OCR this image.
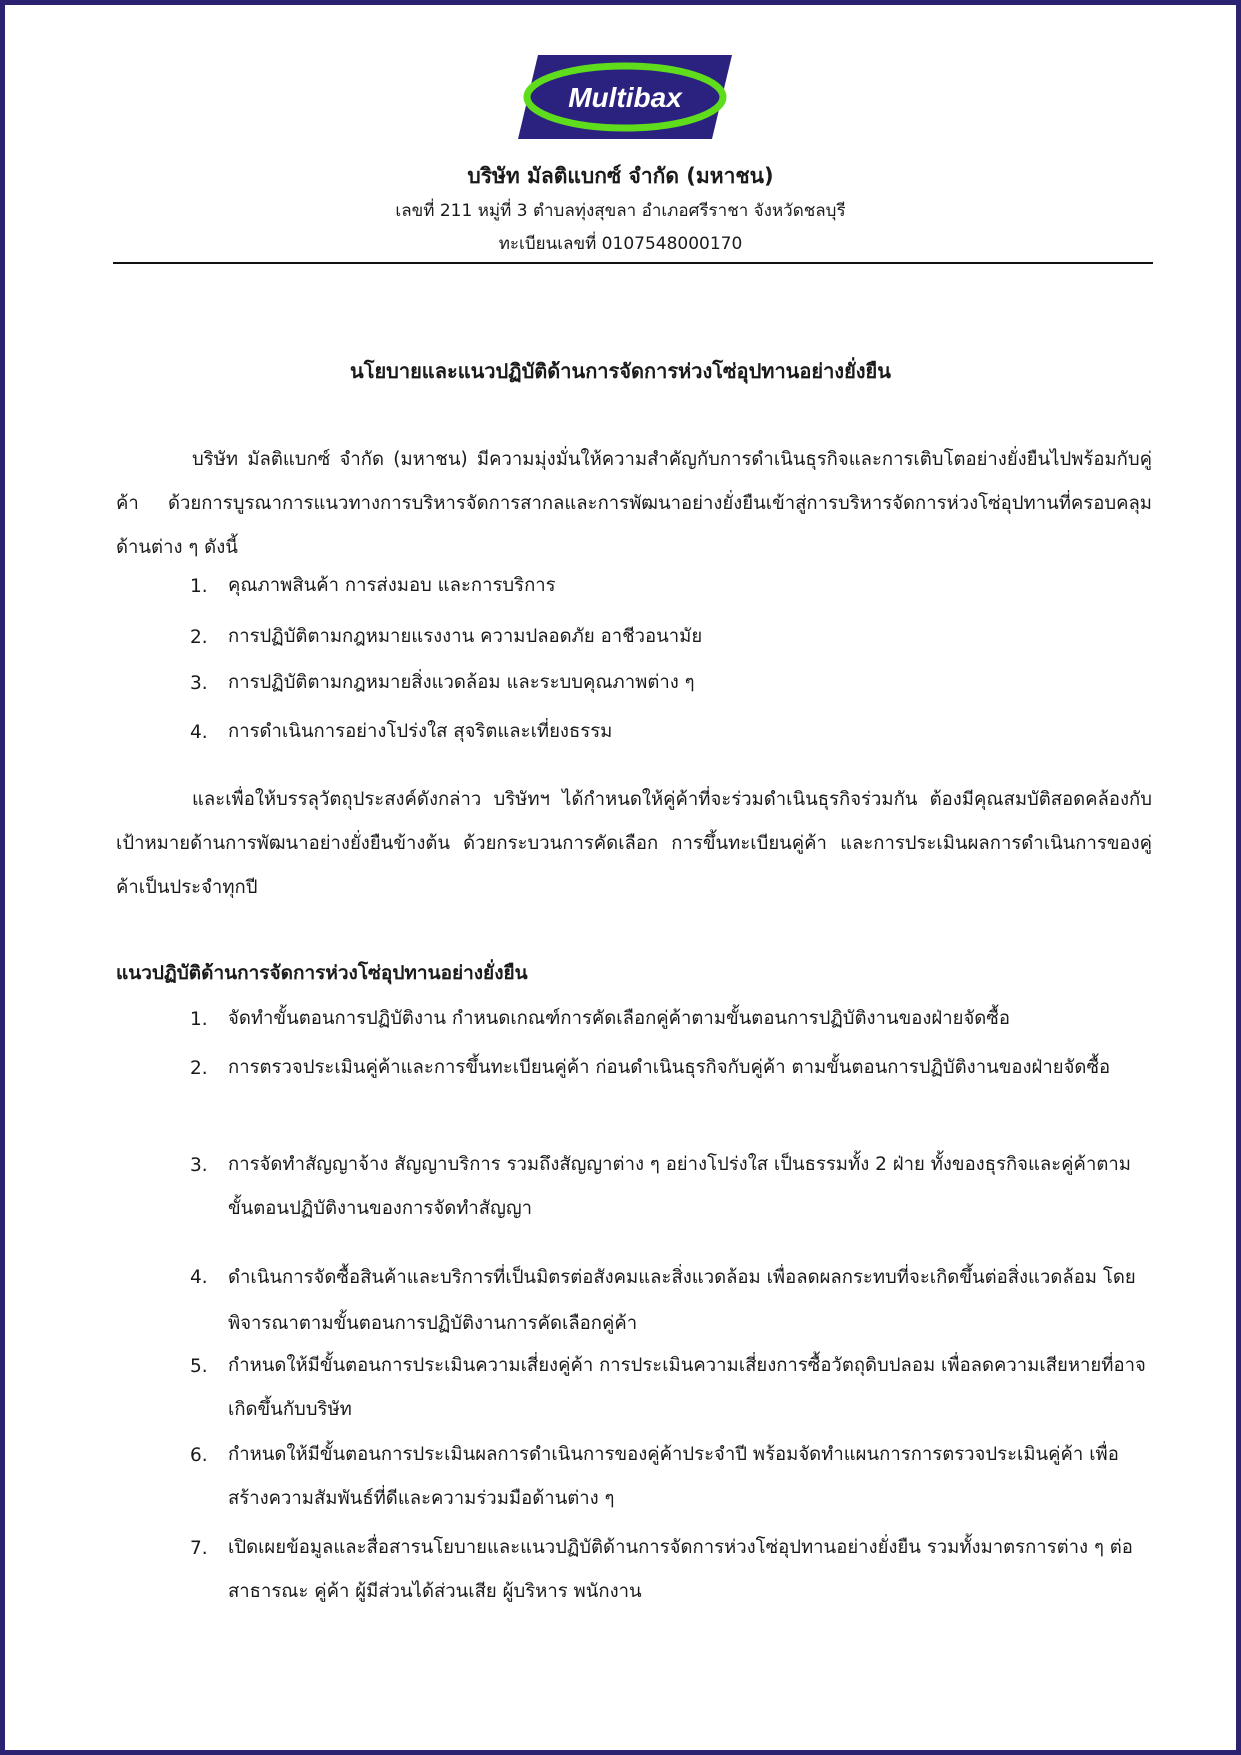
Multibax
บริษัท มัลติแบกซ์ จำกัด (มหาชน)
เลขที่ 211 หมู่ที่ 3 ตำบลทุ่งสุขลา อำเภอศรีราชา จังหวัดชลบุรี
ทะเบียนเลขที่ 0107548000170
นโยบายและแนวปฏิบัติด้านการจัดการห่วงโซ่อุปทานอย่างยั่งยืน

บริษัท มัลติแบกซ์ จำกัด (มหาชน) มีความมุ่งมั่นให้ความสำคัญกับการดำเนินธุรกิจและการเติบโตอย่างยั่งยืนไปพร้อมกับคู่ค้า ด้วยการบูรณาการแนวทางการบริหารจัดการสากลและการพัฒนาอย่างยั่งยืนเข้าสู่การบริหารจัดการห่วงโซ่อุปทานที่ครอบคลุมด้านต่าง ๆ ดังนี้

1.	คุณภาพสินค้า การส่งมอบ และการบริการ
2.	การปฏิบัติตามกฎหมายแรงงาน ความปลอดภัย อาชีวอนามัย
3.	การปฏิบัติตามกฎหมายสิ่งแวดล้อม และระบบคุณภาพต่าง ๆ
4.	การดำเนินการอย่างโปร่งใส สุจริตและเที่ยงธรรม

และเพื่อให้บรรลุวัตถุประสงค์ดังกล่าว บริษัทฯ ได้กำหนดให้คู่ค้าที่จะร่วมดำเนินธุรกิจร่วมกัน ต้องมีคุณสมบัติสอดคล้องกับเป้าหมายด้านการพัฒนาอย่างยั่งยืนข้างต้น ด้วยกระบวนการคัดเลือก การขึ้นทะเบียนคู่ค้า และการประเมินผลการดำเนินการของคู่ค้าเป็นประจำทุกปี

แนวปฏิบัติด้านการจัดการห่วงโซ่อุปทานอย่างยั่งยืน
1.	จัดทำขั้นตอนการปฏิบัติงาน กำหนดเกณฑ์การคัดเลือกคู่ค้าตามขั้นตอนการปฏิบัติงานของฝ่ายจัดซื้อ
2.	การตรวจประเมินคู่ค้าและการขึ้นทะเบียนคู่ค้า ก่อนดำเนินธุรกิจกับคู่ค้า ตามขั้นตอนการปฏิบัติงานของฝ่ายจัดซื้อ
3.	การจัดทำสัญญาจ้าง สัญญาบริการ รวมถึงสัญญาต่าง ๆ อย่างโปร่งใส เป็นธรรมทั้ง 2 ฝ่าย ทั้งของธุรกิจและคู่ค้าตามขั้นตอนปฏิบัติงานของการจัดทำสัญญา
4.	ดำเนินการจัดซื้อสินค้าและบริการที่เป็นมิตรต่อสังคมและสิ่งแวดล้อม เพื่อลดผลกระทบที่จะเกิดขึ้นต่อสิ่งแวดล้อม โดยพิจารณาตามขั้นตอนการปฏิบัติงานการคัดเลือกคู่ค้า
5.	กำหนดให้มีขั้นตอนการประเมินความเสี่ยงคู่ค้า การประเมินความเสี่ยงการซื้อวัตถุดิบปลอม เพื่อลดความเสียหายที่อาจเกิดขึ้นกับบริษัท
6.	กำหนดให้มีขั้นตอนการประเมินผลการดำเนินการของคู่ค้าประจำปี พร้อมจัดทำแผนการการตรวจประเมินคู่ค้า เพื่อสร้างความสัมพันธ์ที่ดีและความร่วมมือด้านต่าง ๆ
7.	เปิดเผยข้อมูลและสื่อสารนโยบายและแนวปฏิบัติด้านการจัดการห่วงโซ่อุปทานอย่างยั่งยืน รวมทั้งมาตรการต่าง ๆ ต่อสาธารณะ คู่ค้า ผู้มีส่วนได้ส่วนเสีย ผู้บริหาร พนักงาน
